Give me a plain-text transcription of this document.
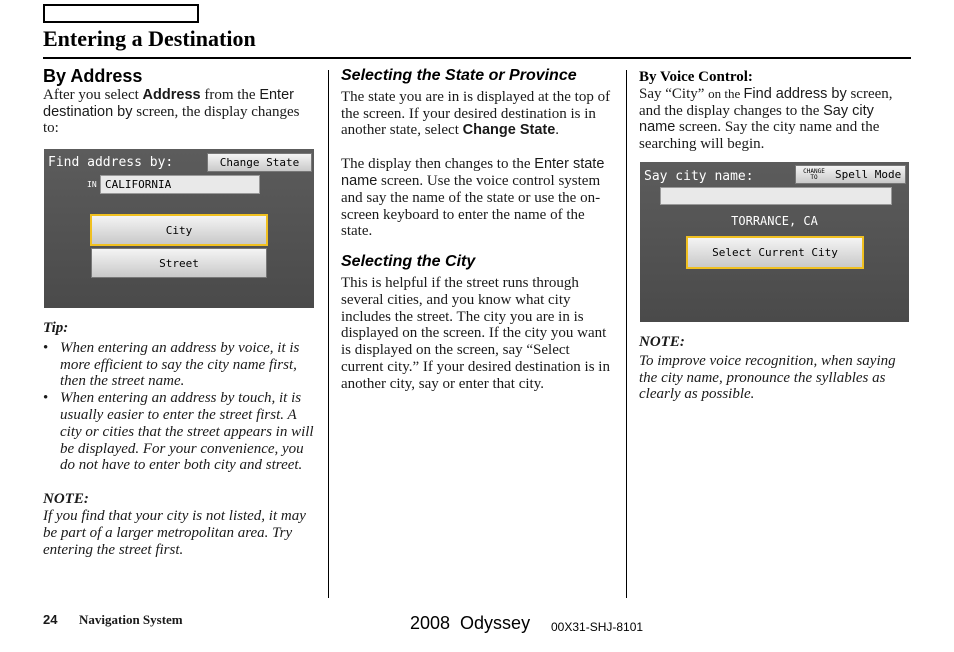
Entering a Destination
By Address

After you select Address from the Enter destination by screen, the display changes to:

Find address by:	Change State
IN CALIFORNIA
City
Street

Tip:

• When entering an address by voice, it is more efficient to say the city name first, then the street name.
• When entering an address by touch, it is usually easier to enter the street first. A city or cities that the street appears in will be displayed. For your convenience, you do not have to enter both city and street.

NOTE:

If you find that your city is not listed, it may be part of a larger metropolitan area. Try entering the street first.

Selecting the State or Province

The state you are in is displayed at the top of the screen. If your desired destination is in another state, select Change State.

The display then changes to the Enter state name screen. Use the voice control system and say the name of the state or use the on-screen keyboard to enter the name of the state.

Selecting the City

This is helpful if the street runs through several cities, and you know what city includes the street. The city you are in is displayed on the screen. If the city you want is displayed on the screen, say “Select current city.” If your desired destination is in another city, say or enter that city.

By Voice Control:

Say “City” on the Find address by screen, and the display changes to the Say city name screen. Say the city name and the searching will begin.

Say city name:	CHANGE
TO	Spell Mode
TORRANCE, CA
Select Current City

NOTE:

To improve voice recognition, when saying the city name, pronounce the syllables as clearly as possible.

24 Navigation System	2008  Odyssey 00X31-SHJ-8101
